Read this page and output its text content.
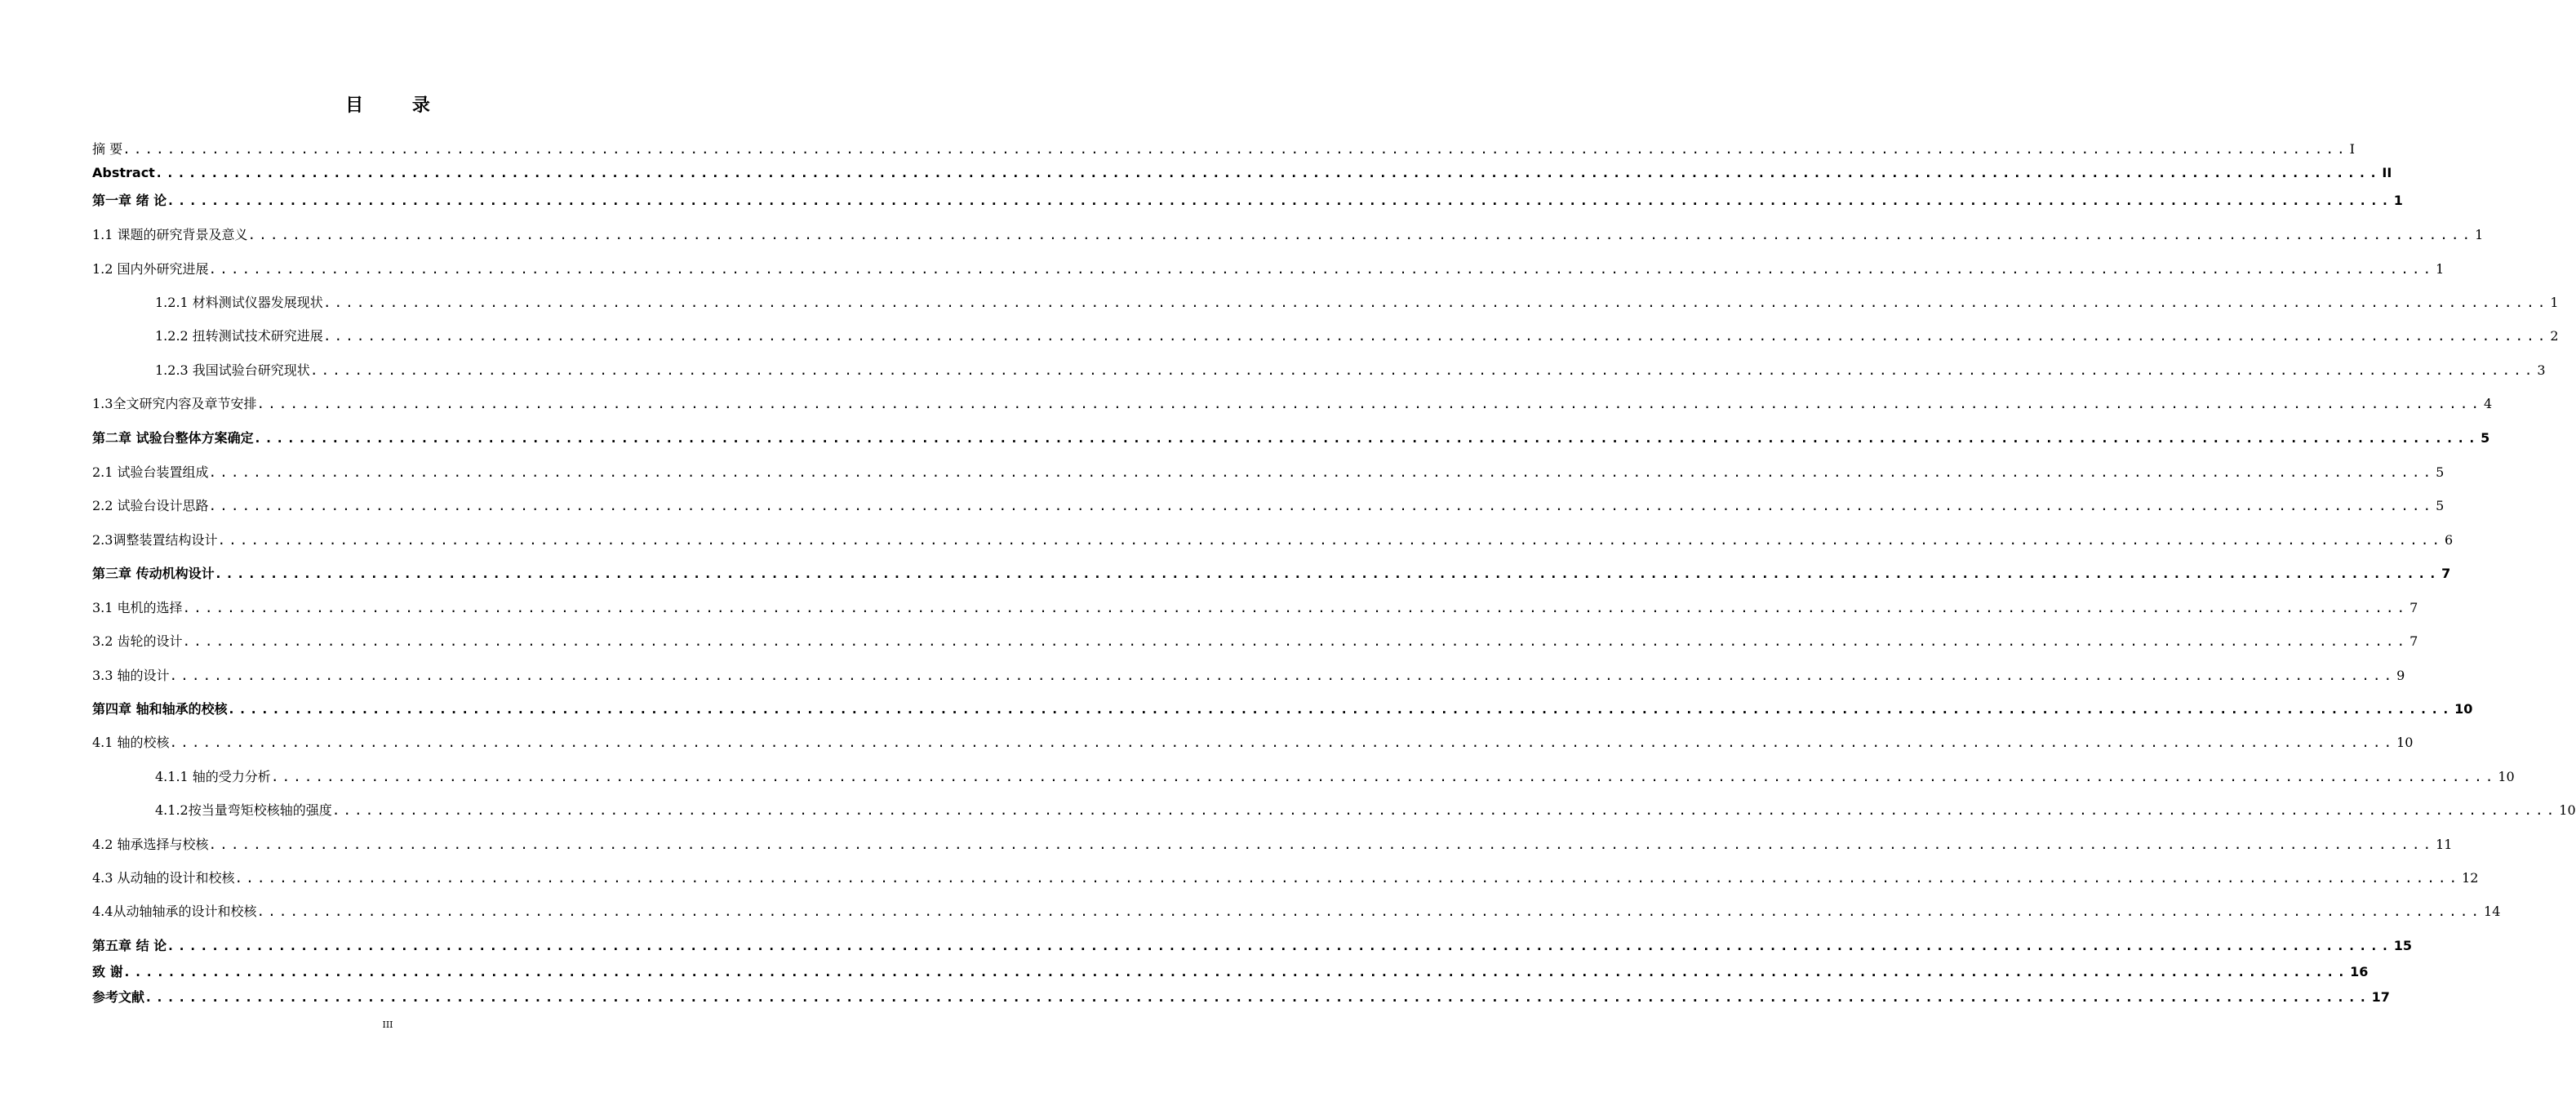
目 录
摘 要 ........................................................................................................................................................................................................ I
Abstract ........................................................................................................................................................................................................ II
第一章 绪 论 ........................................................................................................................................................................................................ 1
1.1 课题的研究背景及意义 ........................................................................................................................................................................................................ 1
1.2 国内外研究进展 ........................................................................................................................................................................................................ 1
1.2.1 材料测试仪器发展现状 ........................................................................................................................................................................................................ 1
1.2.2 扭转测试技术研究进展 ........................................................................................................................................................................................................ 2
1.2.3 我国试验台研究现状 ........................................................................................................................................................................................................ 3
1.3全文研究内容及章节安排 ........................................................................................................................................................................................................ 4
第二章 试验台整体方案确定 ........................................................................................................................................................................................................ 5
2.1 试验台装置组成 ........................................................................................................................................................................................................ 5
2.2 试验台设计思路 ........................................................................................................................................................................................................ 5
2.3调整装置结构设计 ........................................................................................................................................................................................................ 6
第三章 传动机构设计 ........................................................................................................................................................................................................ 7
3.1 电机的选择 ........................................................................................................................................................................................................ 7
3.2 齿轮的设计 ........................................................................................................................................................................................................ 7
3.3 轴的设计 ........................................................................................................................................................................................................ 9
第四章 轴和轴承的校核 ........................................................................................................................................................................................................ 10
4.1 轴的校核 ........................................................................................................................................................................................................ 10
4.1.1 轴的受力分析 ........................................................................................................................................................................................................ 10
4.1.2按当量弯矩校核轴的强度 ........................................................................................................................................................................................................ 10
4.2 轴承选择与校核 ........................................................................................................................................................................................................ 11
4.3 从动轴的设计和校核 ........................................................................................................................................................................................................ 12
4.4从动轴轴承的设计和校核 ........................................................................................................................................................................................................ 14
第五章 结 论 ........................................................................................................................................................................................................ 15
致 谢 ........................................................................................................................................................................................................ 16
参考文献 ........................................................................................................................................................................................................ 17
III
